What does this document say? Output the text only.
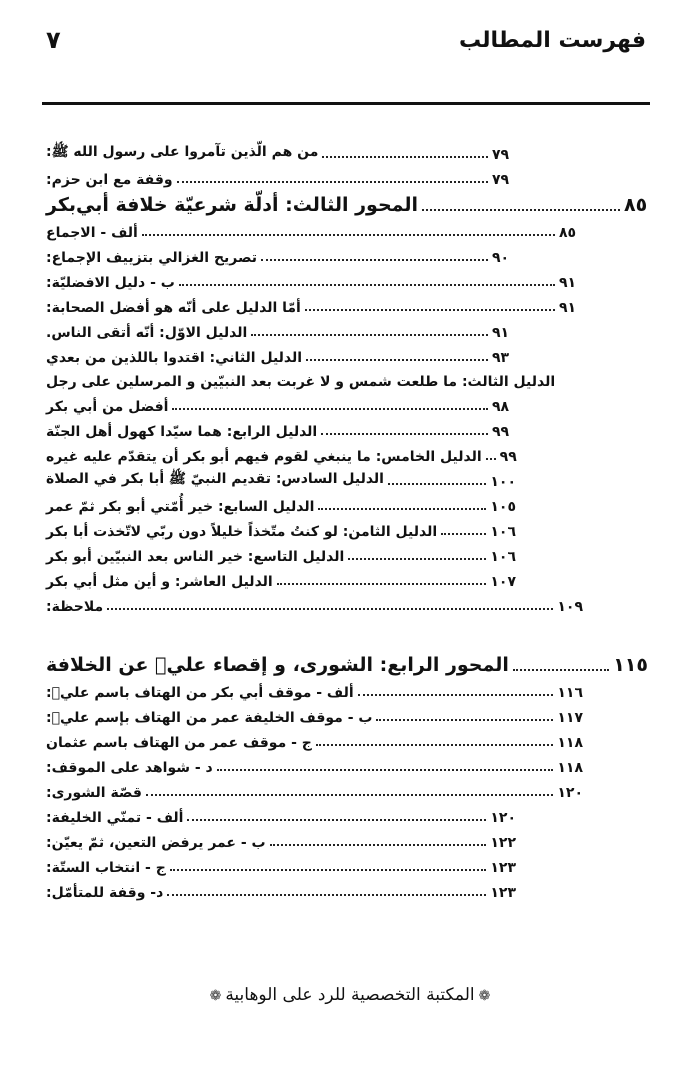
فهرست المطالب
٧
من هم الّذين تآمروا على رسول الله ﷺ:	٧٩
وقفة مع ابن حزم:	٧٩
المحور الثالث: أدلّة شرعيّة خلافة أبي‌بكر	٨٥
ألف - الاجماع	٨٥
تصريح الغزالي بتزييف الإجماع:	٩٠
ب - دليل الافضليّة:	٩١
أمّا الدليل على أنّه هو أفضل الصحابة:	٩١
الدليل الاوّل: أنّه أتقى الناس.	٩١
الدليل الثاني: اقتدوا باللذين من بعدي	٩٣
الدليل الثالث: ما طلعت شمس و لا غربت بعد النبيّين و المرسلين على رجل
أفضل من أبي بكر	٩٨
الدليل الرابع: هما سيّدا كهول أهل الجنّة	٩٩
الدليل الخامس: ما ينبغي لقوم فيهم أبو بكر أن يتقدّم عليه غيره ٩٩
الدليل السادس: تقديم النبيّ ﷺ أبا بكر في الصلاة	١٠٠
الدليل السابع: خير أُمّتي أبو بكر ثمّ عمر	١٠٥
الدليل الثامن: لو كنتُ متّخذاً خليلاً دون ربّي لاتّخذت أبا بكر	١٠٦
الدليل التاسع: خير الناس بعد النبيّين أبو بكر	١٠٦
الدليل العاشر: و أين مثل أبي بكر	١٠٧
ملاحظة:	١٠٩
المحور الرابع: الشورى، و إقصاء عليؑ عن الخلافة	١١٥
ألف - موقف أبي بكر من الهتاف باسم عليؑ:	١١٦
ب - موقف الخليفة عمر من الهتاف بإسم عليؑ:	١١٧
ج - موقف عمر من الهتاف باسم عثمان	١١٨
د - شواهد على الموقف:	١١٨
قصّة الشورى:	١٢٠
ألف - تمنّي الخليفة:	١٢٠
ب - عمر يرفض التعين، ثمّ يعيّن:	١٢٢
ج - انتخاب الستّة:	١٢٣
د- وقفة للمتأمّل:	١٢٣
❁المكتبة التخصصية للرد على الوهابية❁
